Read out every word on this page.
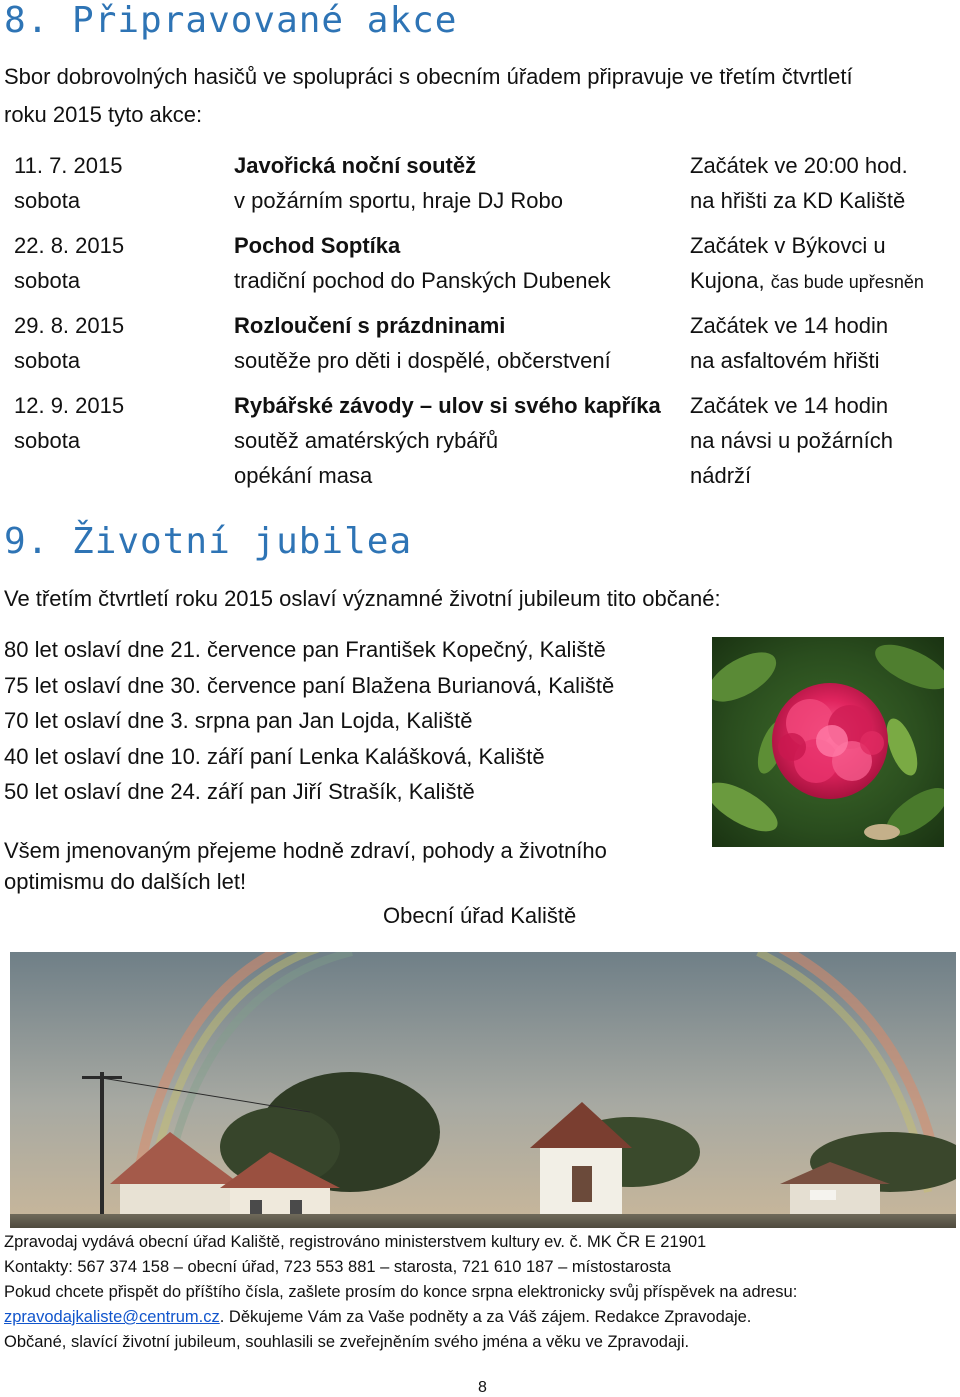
8. Připravované akce
Sbor dobrovolných hasičů ve spolupráci s obecním úřadem připravuje ve třetím čtvrtletí
roku 2015 tyto akce:
11. 7. 2015
sobota
Javořická noční soutěž
v požárním sportu, hraje DJ Robo
Začátek ve 20:00 hod.
na hřišti za KD Kaliště
22. 8. 2015
sobota
Pochod Soptíka
tradiční pochod do Panských Dubenek
Začátek v Býkovci u
Kujona, čas bude upřesněn
29. 8. 2015
sobota
Rozloučení s prázdninami
soutěže pro děti i dospělé, občerstvení
Začátek ve 14 hodin
na asfaltovém hřišti
12. 9. 2015
sobota
Rybářské závody – ulov si svého kapříka
soutěž amatérských rybářů
opékání masa
Začátek ve 14 hodin
na návsi u požárních
nádrží
9. Životní jubilea
Ve třetím čtvrtletí roku 2015 oslaví významné životní jubileum tito občané:
80 let oslaví dne 21. července pan František Kopečný, Kaliště
75 let oslaví dne 30. července paní Blažena Burianová, Kaliště
70 let oslaví dne 3. srpna pan Jan Lojda, Kaliště
40 let oslaví dne 10. září paní Lenka Kalášková, Kaliště
50 let oslaví dne 24. září pan Jiří Strašík, Kaliště
Všem jmenovaným přejeme hodně zdraví, pohody a životního
optimismu do dalších let!
Obecní úřad Kaliště
Zpravodaj vydává obecní úřad Kaliště, registrováno ministerstvem kultury ev. č. MK ČR E 21901
Kontakty: 567 374 158 – obecní úřad, 723 553 881 – starosta, 721 610 187 – místostarosta
Pokud chcete přispět do příštího čísla, zašlete prosím do konce srpna elektronicky svůj příspěvek na adresu:
zpravodajkaliste@centrum.cz. Děkujeme Vám za Vaše podněty a za Váš zájem. Redakce Zpravodaje.
Občané, slavící životní jubileum, souhlasili se zveřejněním svého jména a věku ve Zpravodaji.
8
